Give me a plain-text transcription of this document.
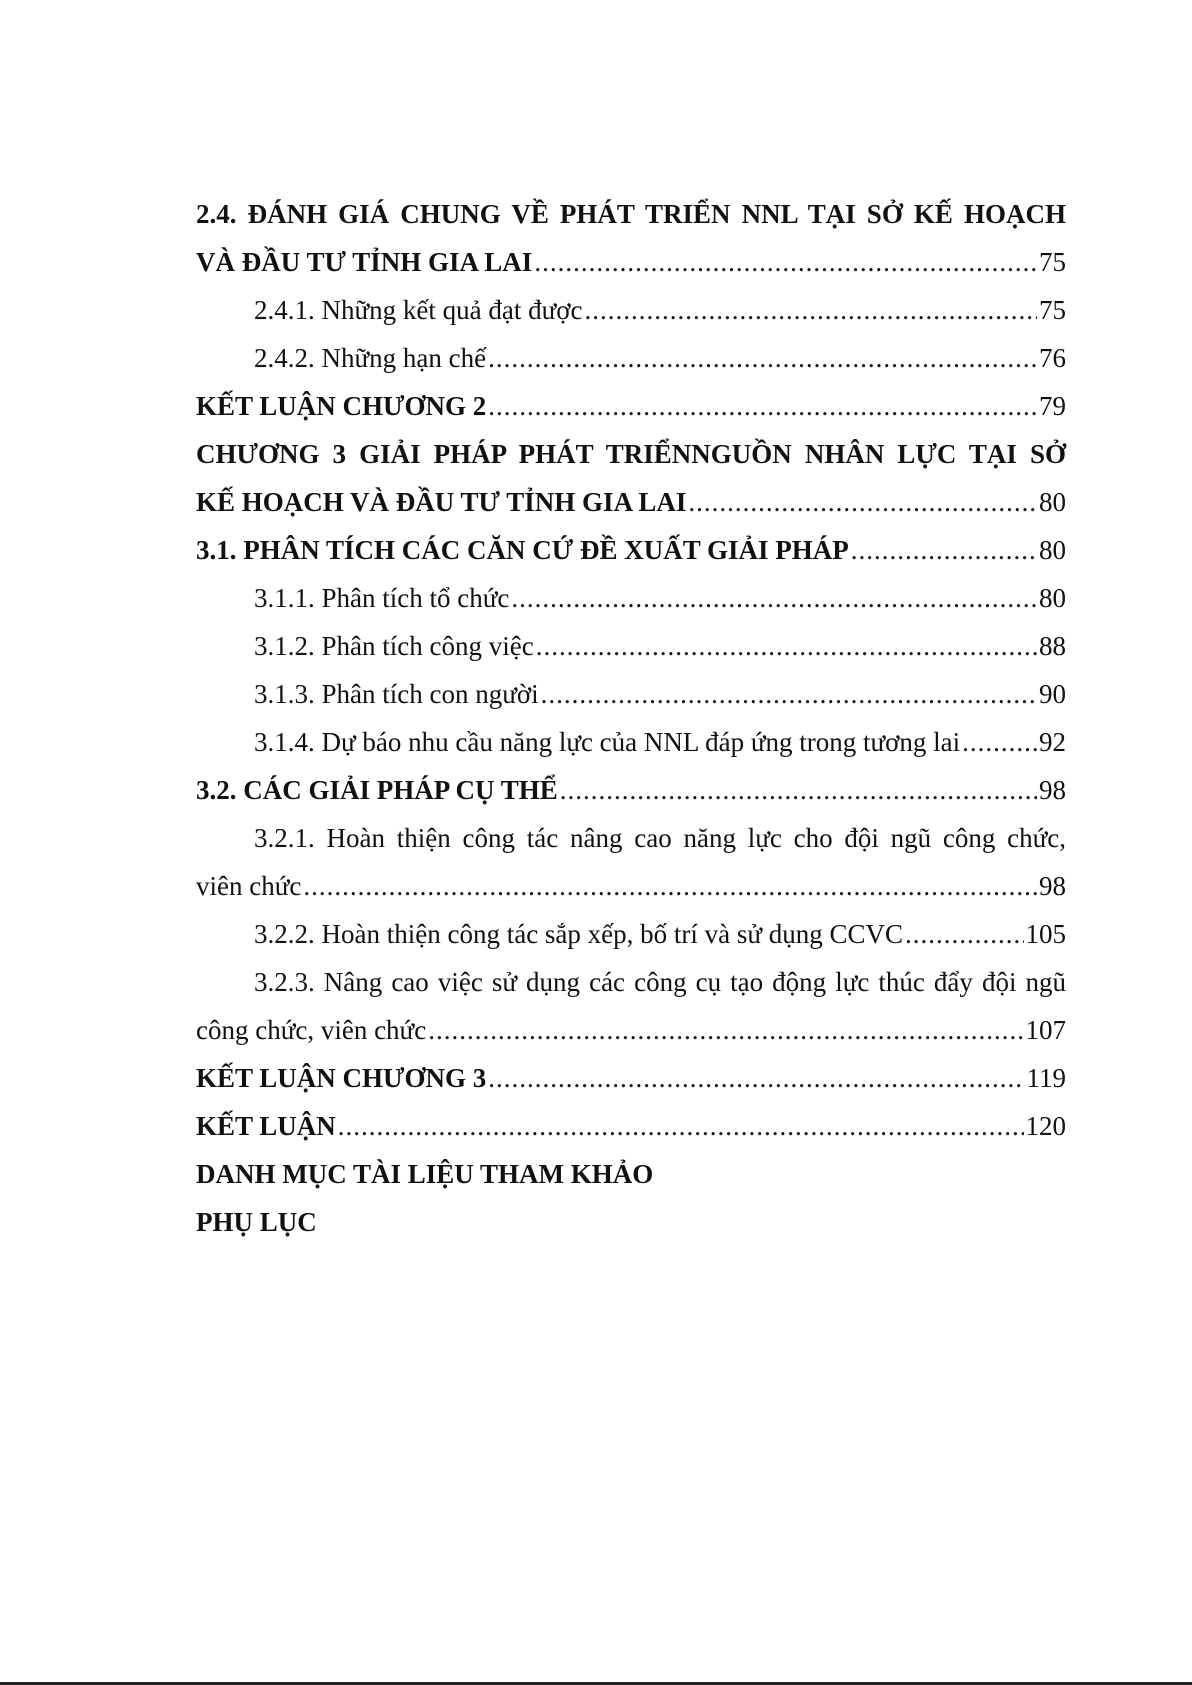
2.4. ĐÁNH GIÁ CHUNG VỀ PHÁT TRIỂN NNL TẠI SỞ KẾ HOẠCH
VÀ ĐẦU TƯ TỈNH GIA LAI .....	75
2.4.1. Những kết quả đạt được .....	75
2.4.2. Những hạn chế .....	76
KẾT LUẬN CHƯƠNG 2 .....	79
CHƯƠNG 3 GIẢI PHÁP PHÁT TRIỂNNGUỒN NHÂN LỰC TẠI SỞ
KẾ HOẠCH VÀ ĐẦU TƯ TỈNH GIA LAI .....	80
3.1. PHÂN TÍCH CÁC CĂN CỨ ĐỀ XUẤT GIẢI PHÁP .....	80
3.1.1. Phân tích tổ chức .....	80
3.1.2. Phân tích công việc .....	88
3.1.3. Phân tích con người .....	90
3.1.4. Dự báo nhu cầu năng lực của NNL đáp ứng trong tương lai .....	92
3.2. CÁC GIẢI PHÁP CỤ THỂ .....	98
3.2.1. Hoàn thiện công tác nâng cao năng lực cho đội ngũ công chức,
viên chức .....	98
3.2.2. Hoàn thiện công tác sắp xếp, bố trí và sử dụng CCVC .....	105
3.2.3. Nâng cao việc sử dụng các công cụ tạo động lực thúc đẩy đội ngũ
công chức, viên chức .....	107
KẾT LUẬN CHƯƠNG 3 .....	119
KẾT LUẬN .....	120
DANH MỤC TÀI LIỆU THAM KHẢO
PHỤ LỤC
